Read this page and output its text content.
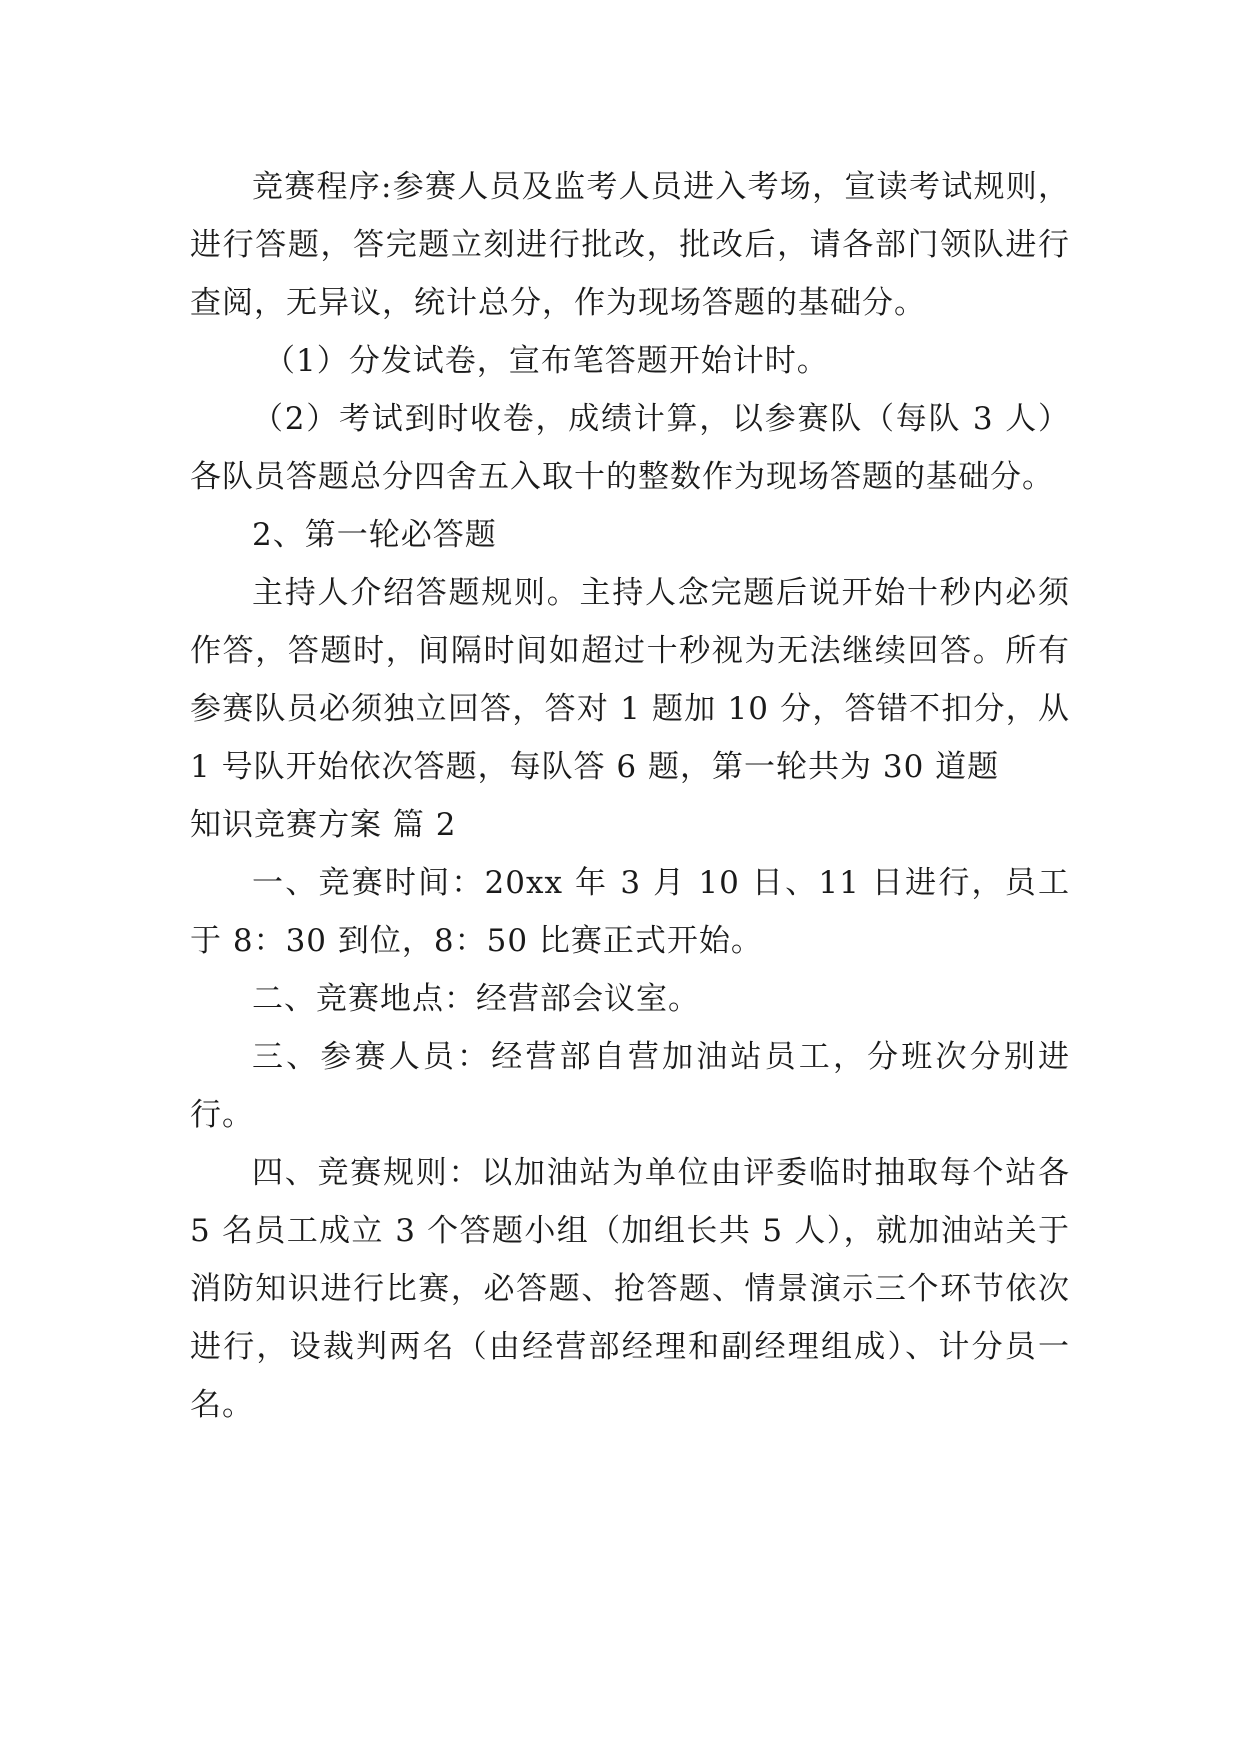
竞赛程序:参赛人员及监考人员进入考场，宣读考试规则，进行答题，答完题立刻进行批改，批改后，请各部门领队进行查阅，无异议，统计总分，作为现场答题的基础分。

（1）分发试卷，宣布笔答题开始计时。

（2）考试到时收卷，成绩计算，以参赛队（每队 3 人）各队员答题总分四舍五入取十的整数作为现场答题的基础分。

2、第一轮必答题

主持人介绍答题规则。主持人念完题后说开始十秒内必须作答，答题时，间隔时间如超过十秒视为无法继续回答。所有参赛队员必须独立回答，答对 1 题加 10 分，答错不扣分，从 1 号队开始依次答题，每队答 6 题，第一轮共为 30 道题

知识竞赛方案 篇 2

一、竞赛时间：20xx 年 3 月 10 日、11 日进行，员工于 8：30 到位，8：50 比赛正式开始。

二、竞赛地点：经营部会议室。

三、参赛人员：经营部自营加油站员工，分班次分别进行。

四、竞赛规则：以加油站为单位由评委临时抽取每个站各 5 名员工成立 3 个答题小组（加组长共 5 人），就加油站关于消防知识进行比赛，必答题、抢答题、情景演示三个环节依次进行，设裁判两名（由经营部经理和副经理组成）、计分员一名。
